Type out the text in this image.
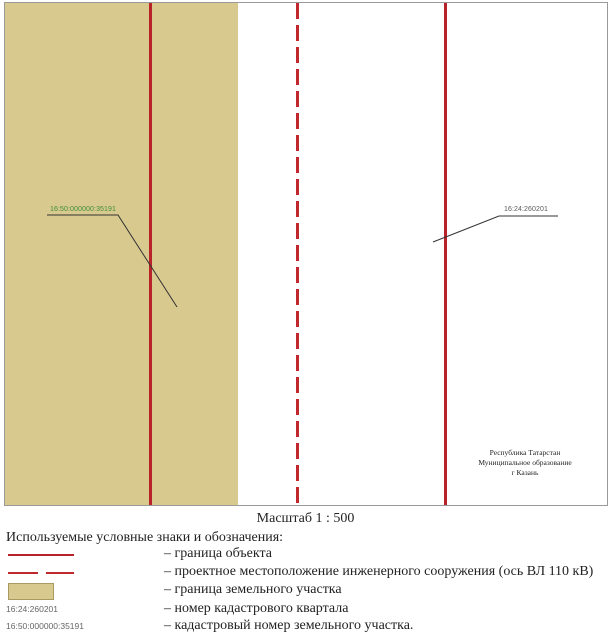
16:50:000000:35191	16:24:260201
Республика Татарстан
Муниципальное образование
г Казань
Масштаб 1 : 500
Используемые условные знаки и обозначения:
– граница объекта
– проектное местоположение инженерного сооружения (ось ВЛ 110 кВ)
– граница земельного участка
16:24:260201	– номер кадастрового квартала
16:50:000000:35191	– кадастровый номер земельного участка.
